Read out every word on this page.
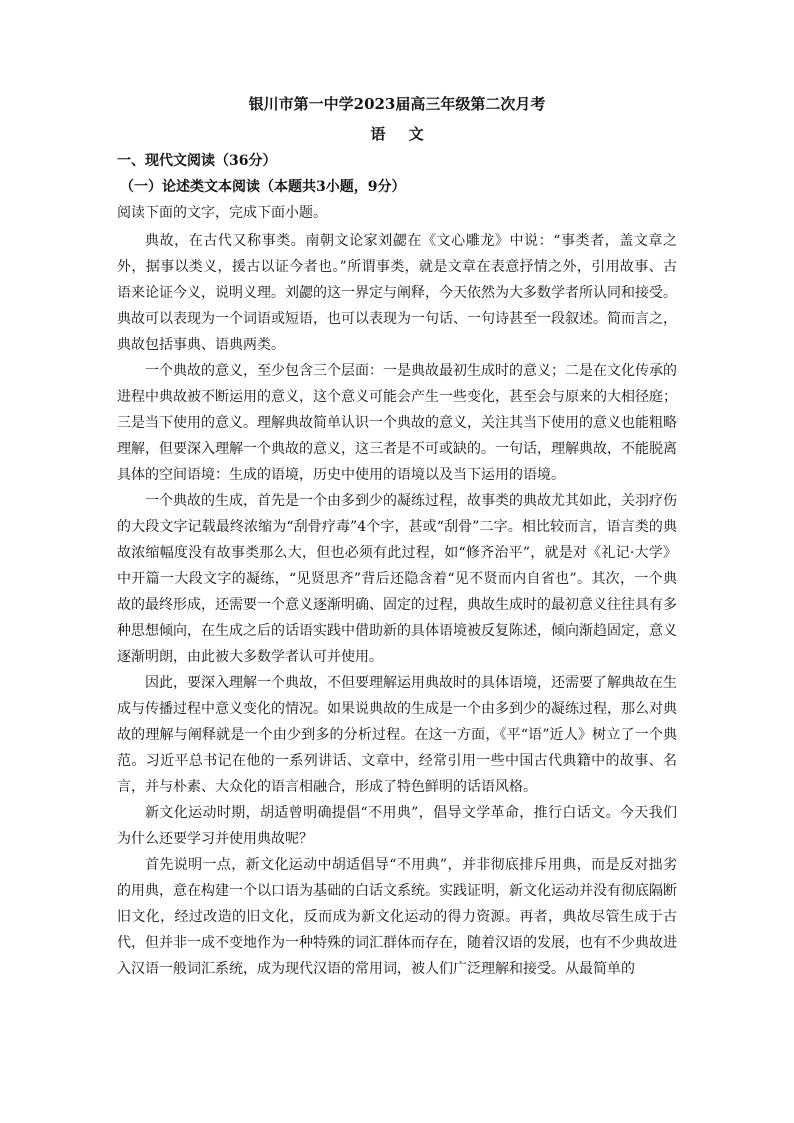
银川市第一中学2023届高三年级第二次月考
语 文
一、现代文阅读（36分）
（一）论述类文本阅读（本题共3小题，9分）
阅读下面的文字，完成下面小题。

典故，在古代又称事类。南朝文论家刘勰在《文心雕龙》中说：“事类者，盖文章之外，据事以类义，援古以证今者也。”所谓事类，就是文章在表意抒情之外，引用故事、古语来论证今义，说明义理。刘勰的这一界定与阐释，今天依然为大多数学者所认同和接受。典故可以表现为一个词语或短语，也可以表现为一句话、一句诗甚至一段叙述。简而言之，典故包括事典、语典两类。

一个典故的意义，至少包含三个层面：一是典故最初生成时的意义；二是在文化传承的进程中典故被不断运用的意义，这个意义可能会产生一些变化，甚至会与原来的大相径庭；三是当下使用的意义。理解典故简单认识一个典故的意义，关注其当下使用的意义也能粗略理解，但要深入理解一个典故的意义，这三者是不可或缺的。一句话，理解典故，不能脱离具体的空间语境：生成的语境，历史中使用的语境以及当下运用的语境。

一个典故的生成，首先是一个由多到少的凝练过程，故事类的典故尤其如此，关羽疗伤的大段文字记载最终浓缩为“刮骨疗毒”4个字，甚或“刮骨”二字。相比较而言，语言类的典故浓缩幅度没有故事类那么大，但也必须有此过程，如“修齐治平”，就是对《礼记·大学》中开篇一大段文字的凝练，“见贤思齐”背后还隐含着“见不贤而内自省也”。其次，一个典故的最终形成，还需要一个意义逐渐明确、固定的过程，典故生成时的最初意义往往具有多种思想倾向，在生成之后的话语实践中借助新的具体语境被反复陈述，倾向渐趋固定，意义逐渐明朗，由此被大多数学者认可并使用。

因此，要深入理解一个典故，不但要理解运用典故时的具体语境，还需要了解典故在生成与传播过程中意义变化的情况。如果说典故的生成是一个由多到少的凝练过程，那么对典故的理解与阐释就是一个由少到多的分析过程。在这一方面，《平“语”近人》树立了一个典范。习近平总书记在他的一系列讲话、文章中，经常引用一些中国古代典籍中的故事、名言，并与朴素、大众化的语言相融合，形成了特色鲜明的话语风格。

新文化运动时期，胡适曾明确提倡“不用典”，倡导文学革命，推行白话文。今天我们为什么还要学习并使用典故呢？

首先说明一点，新文化运动中胡适倡导“不用典”，并非彻底排斥用典，而是反对拙劣的用典，意在构建一个以口语为基础的白话文系统。实践证明，新文化运动并没有彻底隔断旧文化，经过改造的旧文化，反而成为新文化运动的得力资源。再者，典故尽管生成于古代，但并非一成不变地作为一种特殊的词汇群体而存在，随着汉语的发展，也有不少典故进入汉语一般词汇系统，成为现代汉语的常用词，被人们广泛理解和接受。从最简单的
